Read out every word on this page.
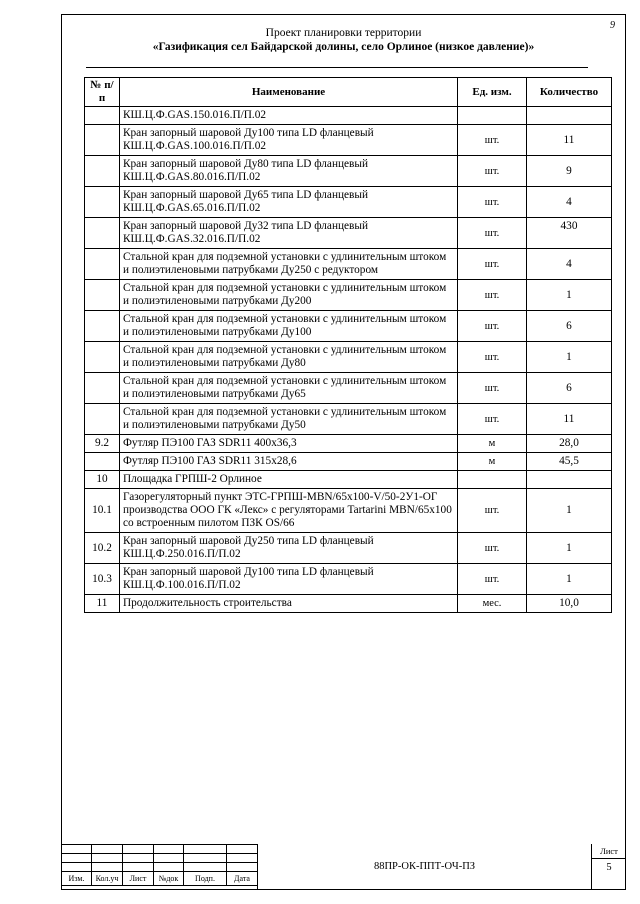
9
Проект планировки территории
«Газификация сел Байдарской долины, село Орлиное (низкое давление)»
№ п/п	Наименование	Ед. изм.	Количество
	КШ.Ц.Ф.GAS.150.016.П/П.02		
	Кран запорный шаровой Ду100 типа LD фланцевый КШ.Ц.Ф.GAS.100.016.П/П.02	шт.	11
	Кран запорный шаровой Ду80 типа LD фланцевый КШ.Ц.Ф.GAS.80.016.П/П.02	шт.	9
	Кран запорный шаровой Ду65 типа LD фланцевый КШ.Ц.Ф.GAS.65.016.П/П.02	шт.	4
	Кран запорный шаровой Ду32 типа LD фланцевый КШ.Ц.Ф.GAS.32.016.П/П.02	шт.	430
	Стальной кран для подземной установки с удлинительным штоком и полиэтиленовыми патрубками Ду250 с редуктором	шт.	4
	Стальной кран для подземной установки с удлинительным штоком и полиэтиленовыми патрубками Ду200	шт.	1
	Стальной кран для подземной установки с удлинительным штоком и полиэтиленовыми патрубками Ду100	шт.	6
	Стальной кран для подземной установки с удлинительным штоком и полиэтиленовыми патрубками Ду80	шт.	1
	Стальной кран для подземной установки с удлинительным штоком и полиэтиленовыми патрубками Ду65	шт.	6
	Стальной кран для подземной установки с удлинительным штоком и полиэтиленовыми патрубками Ду50	шт.	11
9.2	Футляр ПЭ100 ГАЗ SDR11 400х36,3	м	28,0
	Футляр ПЭ100 ГАЗ SDR11 315х28,6	м	45,5
10	Площадка ГРПШ-2 Орлиное		
10.1	Газорегуляторный пункт ЭТС-ГРПШ-MBN/65х100-V/50-2У1-ОГ производства ООО ГК «Лекс» с регуляторами Tartarini MBN/65x100 со встроенным пилотом ПЗК OS/66	шт.	1
10.2	Кран запорный шаровой Ду250 типа LD фланцевый КШ.Ц.Ф.250.016.П/П.02	шт.	1
10.3	Кран запорный шаровой Ду100 типа LD фланцевый КШ.Ц.Ф.100.016.П/П.02	шт.	1
11	Продолжительность строительства	мес.	10,0

Изм.	Кол.уч	Лист	№док	Подп.	Дата
88ПР-ОК-ППТ-ОЧ-ПЗ
Лист
5
